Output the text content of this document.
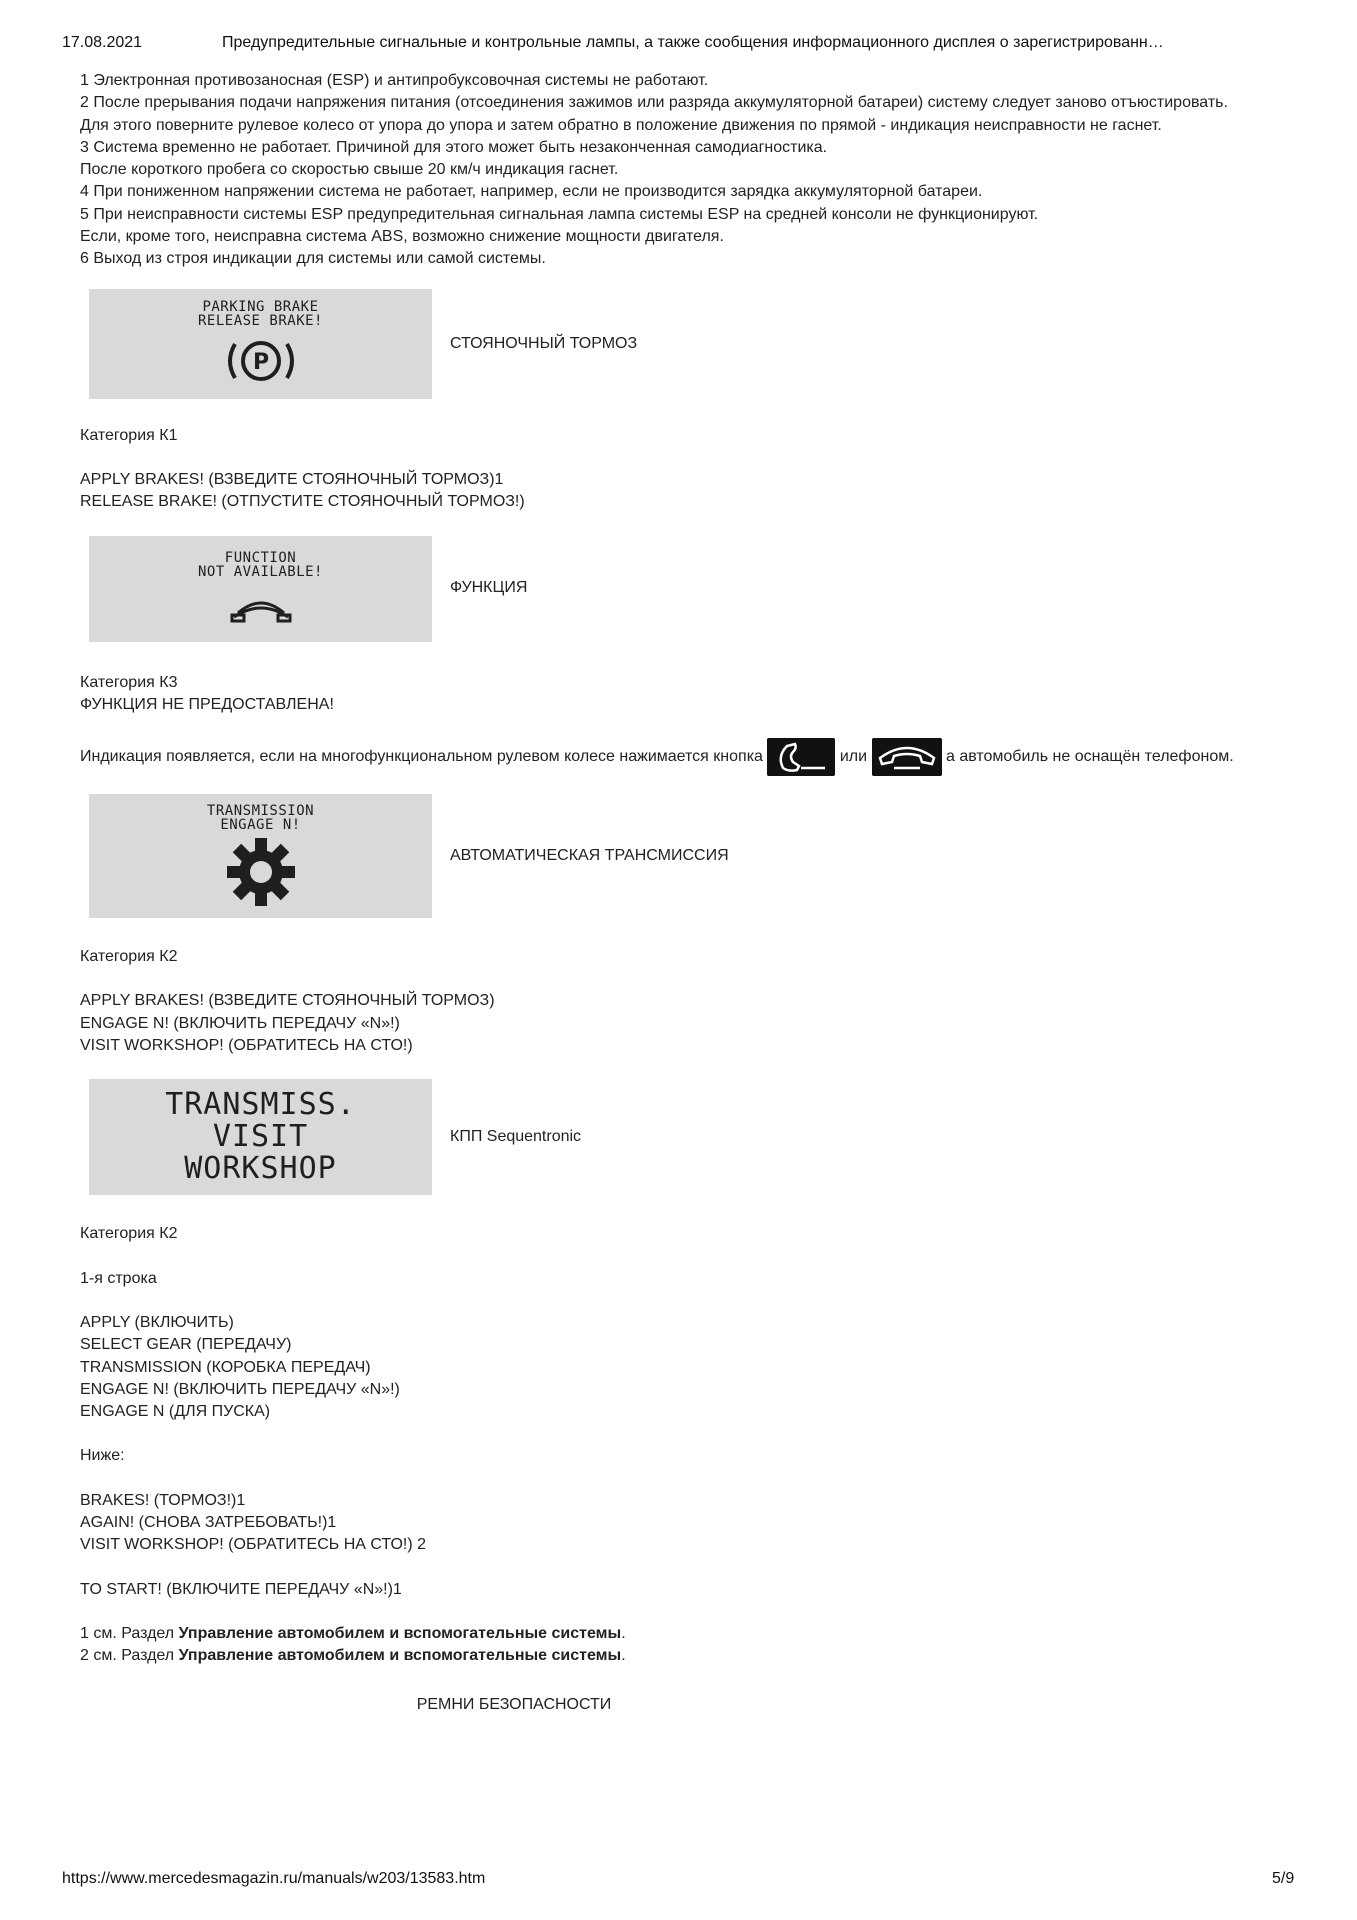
17.08.2021	Предупредительные сигнальные и контрольные лампы, а также сообщения информационного дисплея о зарегистрированн…

1 Электронная противозаносная (ESP) и антипробуксовочная системы не работают.

2 После прерывания подачи напряжения питания (отсоединения зажимов или разряда аккумуляторной батареи) систему следует заново отъюстировать.

Для этого поверните рулевое колесо от упора до упора и затем обратно в положение движения по прямой - индикация неисправности не гаснет.

3 Система временно не работает. Причиной для этого может быть незаконченная самодиагностика.

После короткого пробега со скоростью свыше 20 км/ч индикация гаснет.

4 При пониженном напряжении система не работает, например, если не производится зарядка аккумуляторной батареи.

5 При неисправности системы ESP предупредительная сигнальная лампа системы ESP на средней консоли не функционируют.

Если, кроме того, неисправна система ABS, возможно снижение мощности двигателя.

6 Выход из строя индикации для системы или самой системы.

PARKING BRAKE
RELEASE BRAKE!
P
СТОЯНОЧНЫЙ ТОРМОЗ

Категория К1

APPLY BRAKES! (ВЗВЕДИТЕ СТОЯНОЧНЫЙ ТОРМОЗ)1

RELEASE BRAKE! (ОТПУСТИТЕ СТОЯНОЧНЫЙ ТОРМОЗ!)

FUNCTION
NOT AVAILABLE!
ФУНКЦИЯ

Категория К3

ФУНКЦИЯ НЕ ПРЕДОСТАВЛЕНА!

Индикация появляется, если на многофункциональном рулевом колесе нажимается кнопка	или	а автомобиль не оснащён телефоном.

TRANSMISSION
ENGAGE N!
АВТОМАТИЧЕСКАЯ ТРАНСМИССИЯ

Категория К2

APPLY BRAKES! (ВЗВЕДИТЕ СТОЯНОЧНЫЙ ТОРМОЗ)

ENGAGE N! (ВКЛЮЧИТЬ ПЕРЕДАЧУ «N»!)

VISIT WORKSHOP! (ОБРАТИТЕСЬ НА СТО!)

TRANSMISS.
VISIT
WORKSHOP
КПП Sequentronic

Категория К2

1-я строка

APPLY (ВКЛЮЧИТЬ)

SELECT GEAR (ПЕРЕДАЧУ)

TRANSMISSION (КОРОБКА ПЕРЕДАЧ)

ENGAGE N! (ВКЛЮЧИТЬ ПЕРЕДАЧУ «N»!)

ENGAGE N (ДЛЯ ПУСКА)

Ниже:

BRAKES! (ТОРМОЗ!)1

AGAIN! (СНОВА ЗАТРЕБОВАТЬ!)1

VISIT WORKSHOP! (ОБРАТИТЕСЬ НА СТО!) 2

TO START! (ВКЛЮЧИТЕ ПЕРЕДАЧУ «N»!)1

1 см. Раздел Управление автомобилем и вспомогательные системы.

2 см. Раздел Управление автомобилем и вспомогательные системы.

РЕМНИ БЕЗОПАСНОСТИ

https://www.mercedesmagazin.ru/manuals/w203/13583.htm	5/9
